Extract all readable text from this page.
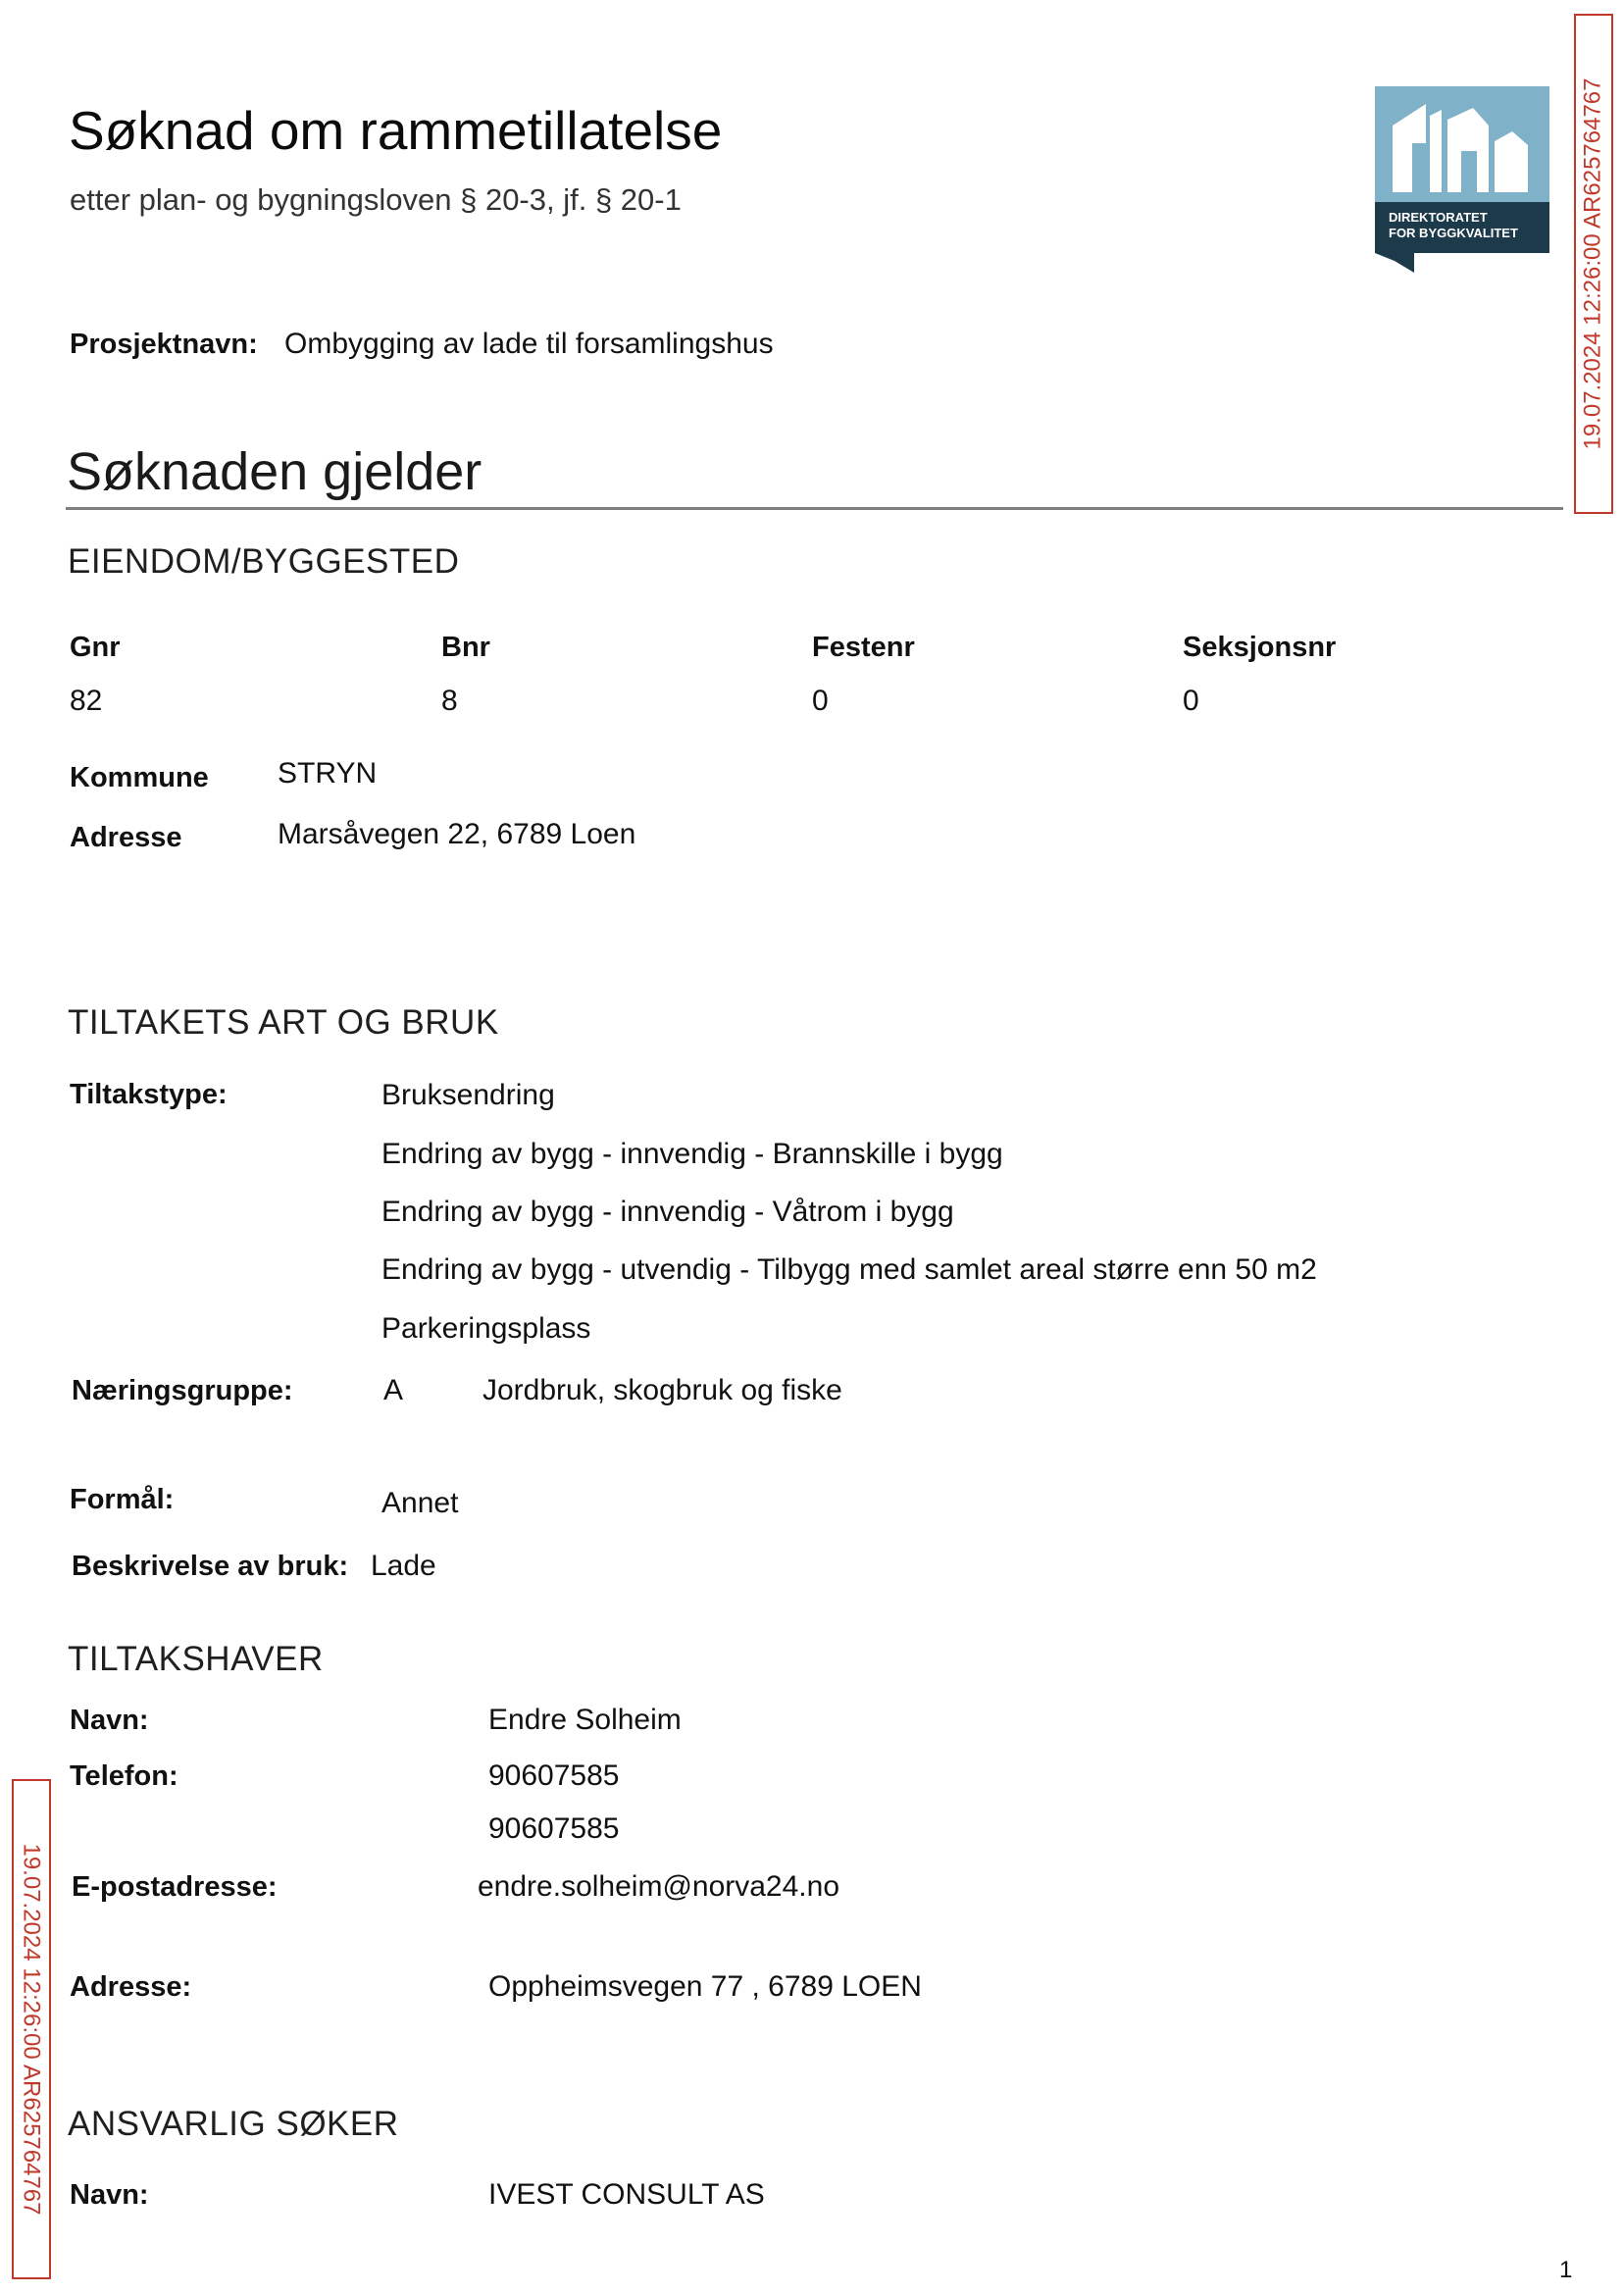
Søknad om rammetillatelse
etter plan- og bygningsloven § 20-3, jf. § 20-1
DIREKTORATET
FOR BYGGKVALITET	19.07.2024 12:26:00 AR625764767
19.07.2024 12:26:00 AR625764767
Prosjektnavn: Ombygging av lade til forsamlingshus
Søknaden gjelder
EIENDOM/BYGGESTED
Gnr	Bnr	Festenr	Seksjonsnr
82	8	0	0
Kommune STRYN
Adresse	Marsåvegen 22, 6789 Loen
TILTAKETS ART OG BRUK
Tiltakstype:	Bruksendring
Endring av bygg - innvendig - Brannskille i bygg
Endring av bygg - innvendig - Våtrom i bygg
Endring av bygg - utvendig - Tilbygg med samlet areal større enn 50 m2
Parkeringsplass
Næringsgruppe:	A	Jordbruk, skogbruk og fiske
Formål:	Annet
Beskrivelse av bruk: Lade
TILTAKSHAVER
Navn:	Endre Solheim
Telefon:	90607585
90607585
E-postadresse:	endre.solheim@norva24.no
Adresse:	Oppheimsvegen 77 , 6789 LOEN
ANSVARLIG SØKER
Navn:	IVEST CONSULT AS
1
